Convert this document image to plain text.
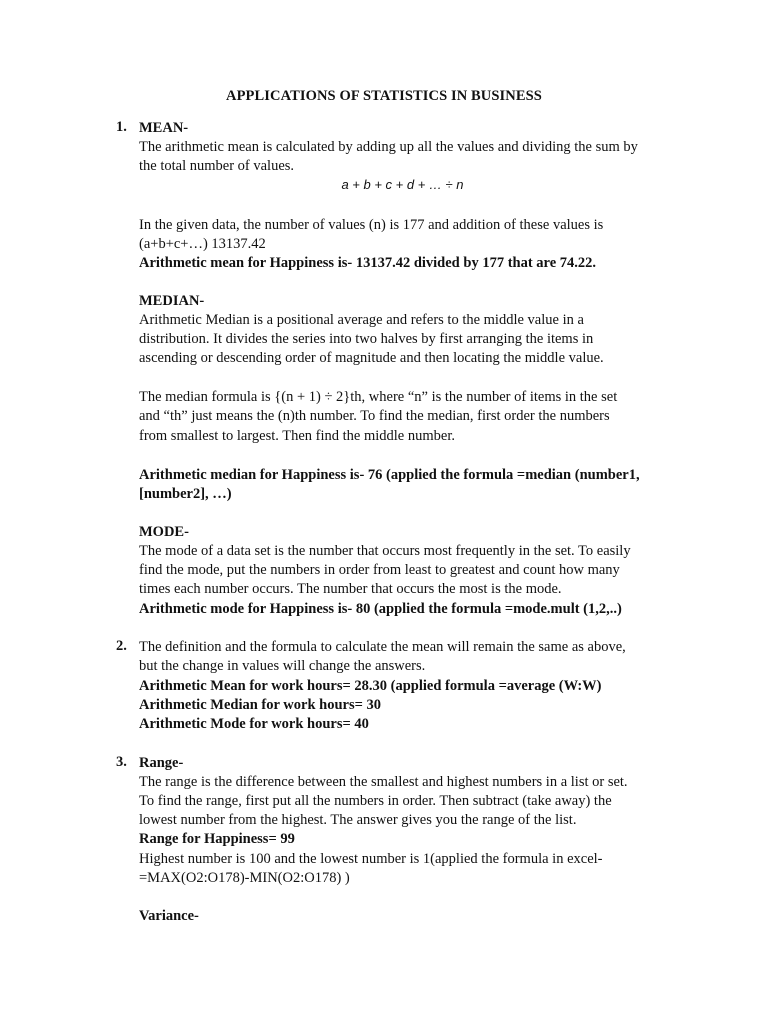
APPLICATIONS OF STATISTICS IN BUSINESS
1. MEAN-
The arithmetic mean is calculated by adding up all the values and dividing the sum by
the total number of values.
a + b + c + d + … ÷ n
In the given data, the number of values (n) is 177 and addition of these values is
(a+b+c+…) 13137.42
Arithmetic mean for Happiness is- 13137.42 divided by 177 that are 74.22.
MEDIAN-
Arithmetic Median is a positional average and refers to the middle value in a
distribution. It divides the series into two halves by first arranging the items in
ascending or descending order of magnitude and then locating the middle value.
The median formula is {(n + 1) ÷ 2}th, where “n” is the number of items in the set
and “th” just means the (n)th number. To find the median, first order the numbers
from smallest to largest. Then find the middle number.
Arithmetic median for Happiness is- 76 (applied the formula =median (number1,
[number2], …)
MODE-
The mode of a data set is the number that occurs most frequently in the set. To easily
find the mode, put the numbers in order from least to greatest and count how many
times each number occurs. The number that occurs the most is the mode.
Arithmetic mode for Happiness is- 80 (applied the formula =mode.mult (1,2,..)
2. The definition and the formula to calculate the mean will remain the same as above,
but the change in values will change the answers.
Arithmetic Mean for work hours= 28.30 (applied formula =average (W:W)
Arithmetic Median for work hours= 30
Arithmetic Mode for work hours= 40
3. Range-
The range is the difference between the smallest and highest numbers in a list or set.
To find the range, first put all the numbers in order. Then subtract (take away) the
lowest number from the highest. The answer gives you the range of the list.
Range for Happiness= 99
Highest number is 100 and the lowest number is 1(applied the formula in excel-
=MAX(O2:O178)-MIN(O2:O178) )
Variance-
